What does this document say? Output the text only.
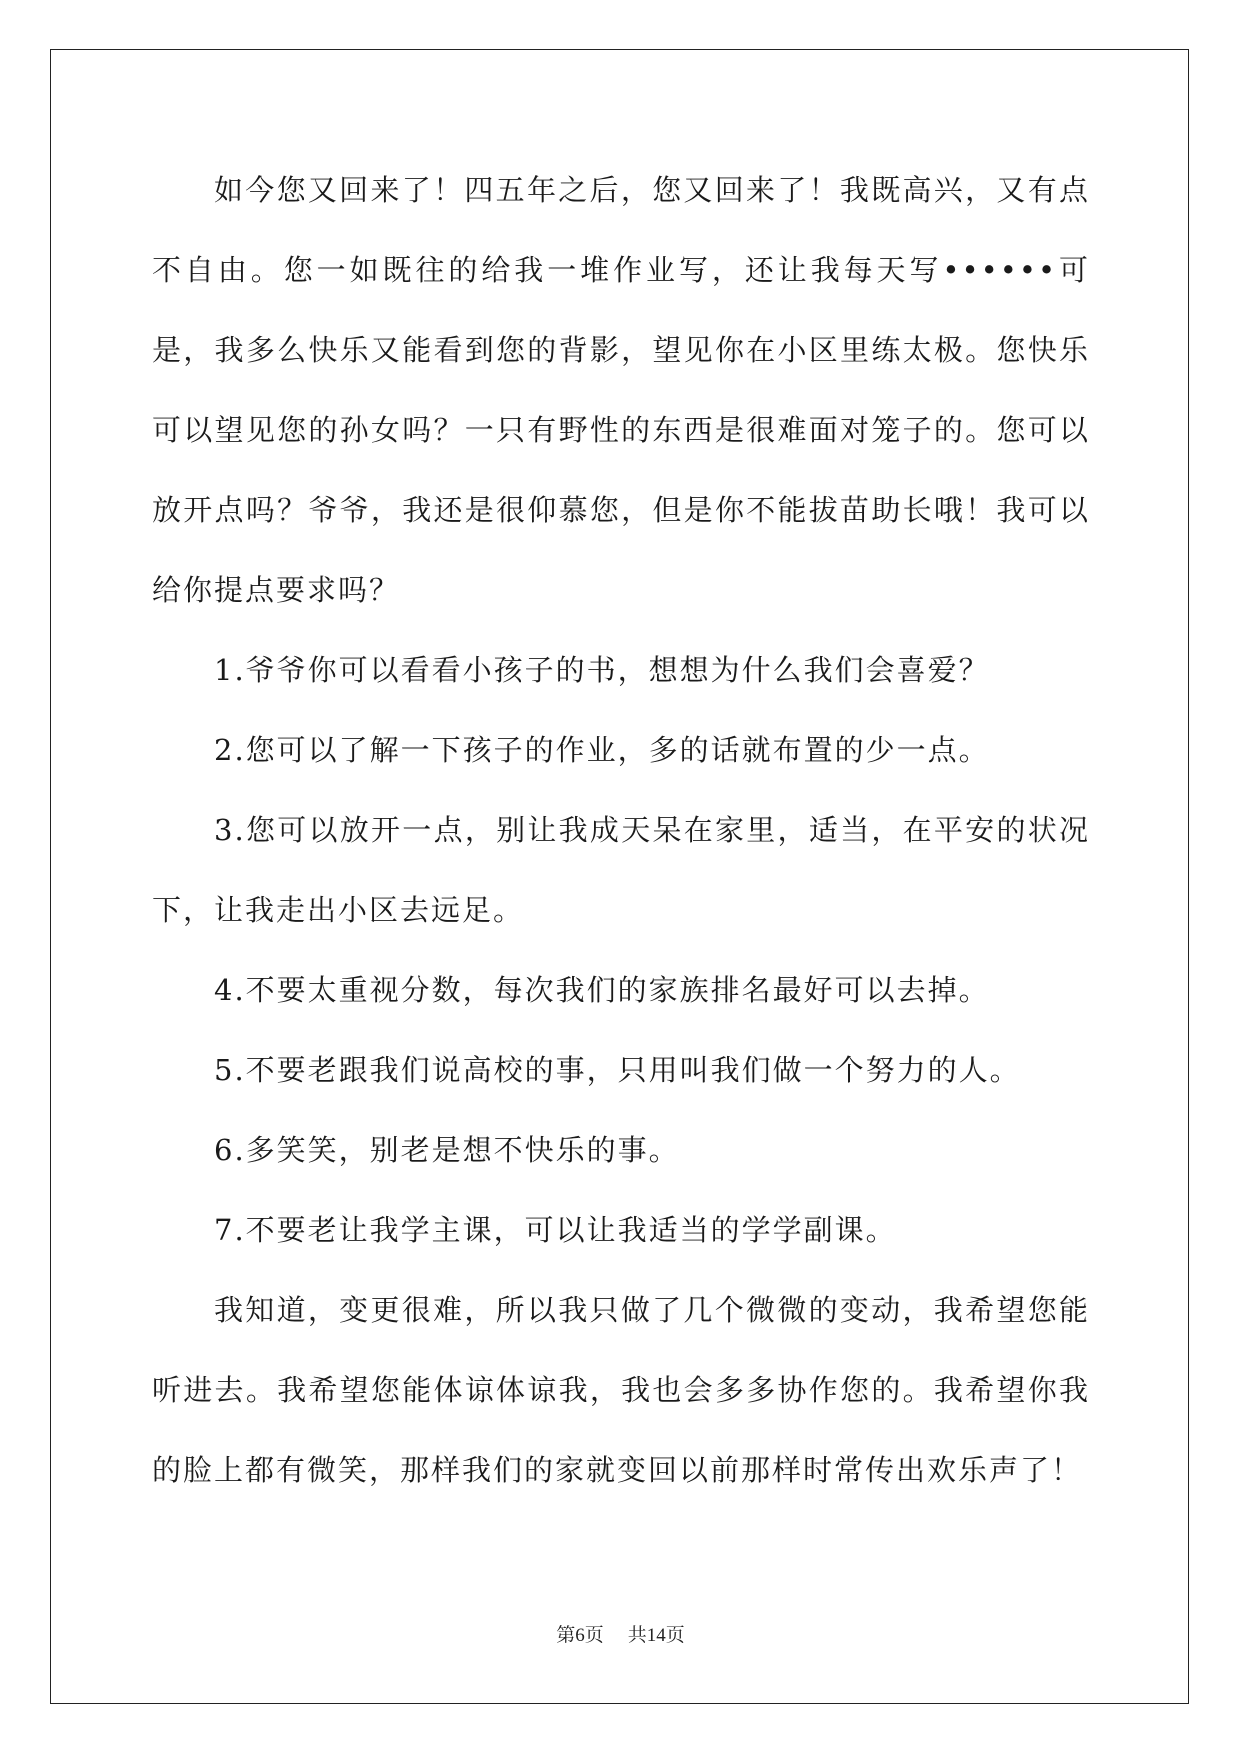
如今您又回来了！四五年之后，您又回来了！我既高兴，又有点不自由。您一如既往的给我一堆作业写，还让我每天写••••••可是，我多么快乐又能看到您的背影，望见你在小区里练太极。您快乐可以望见您的孙女吗？一只有野性的东西是很难面对笼子的。您可以放开点吗？爷爷，我还是很仰慕您，但是你不能拔苗助长哦！我可以给你提点要求吗？

1.爷爷你可以看看小孩子的书，想想为什么我们会喜爱？

2.您可以了解一下孩子的作业，多的话就布置的少一点。

3.您可以放开一点，别让我成天呆在家里，适当，在平安的状况下，让我走出小区去远足。

4.不要太重视分数，每次我们的家族排名最好可以去掉。

5.不要老跟我们说高校的事，只用叫我们做一个努力的人。

6.多笑笑，别老是想不快乐的事。

7.不要老让我学主课，可以让我适当的学学副课。

我知道，变更很难，所以我只做了几个微微的变动，我希望您能听进去。我希望您能体谅体谅我，我也会多多协作您的。我希望你我的脸上都有微笑，那样我们的家就变回以前那样时常传出欢乐声了！

第6页 共14页
